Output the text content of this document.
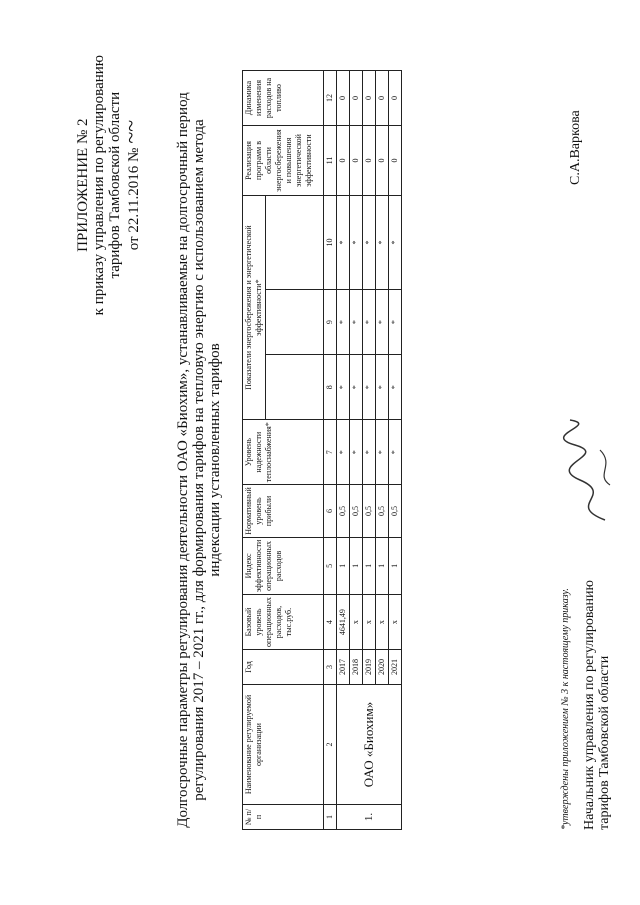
ПРИЛОЖЕНИЕ № 2 к приказу управления по регулированию тарифов Тамбовской области от 22.11.2016 № ~~ Долгосрочные параметры регулирования деятельности ОАО «Биохим», устанавливаемые на долгосрочный период регулирования 2017 – 2021 гг., для формирования тарифов на тепловую энергию с использованием метода индексации установленных тарифов
№ п/п	Наименование регулируемой организации	Год	Базовый уровень операционных расходов, тыс.руб.	Индекс эффективности операционных расходов	Нормативный уровень прибыли	Уровень надежности теплоснабжения*	Показатели энергосбережения и энергетической эффективности*			Реализация программ в области энергосбережения и повышения энергетической эффективности	Динамика изменения расходов на топливо

1	2	3	4	5	6	7	8	9	10	11	12
1.	ОАО «Биохим»	2017	4641,49	1	0,5	*	*	*	*	0	0
		2018	х	1	0,5	*	*	*	*	0	0
		2019	х	1	0,5	*	*	*	*	0	0
		2020	х	1	0,5	*	*	*	*	0	0
		2021	х	1	0,5	*	*	*	*	0	0
*утверждены приложением № 3 к настоящему приказу. Начальник управления по регулированию тарифов Тамбовской области
С.А.Варкова
